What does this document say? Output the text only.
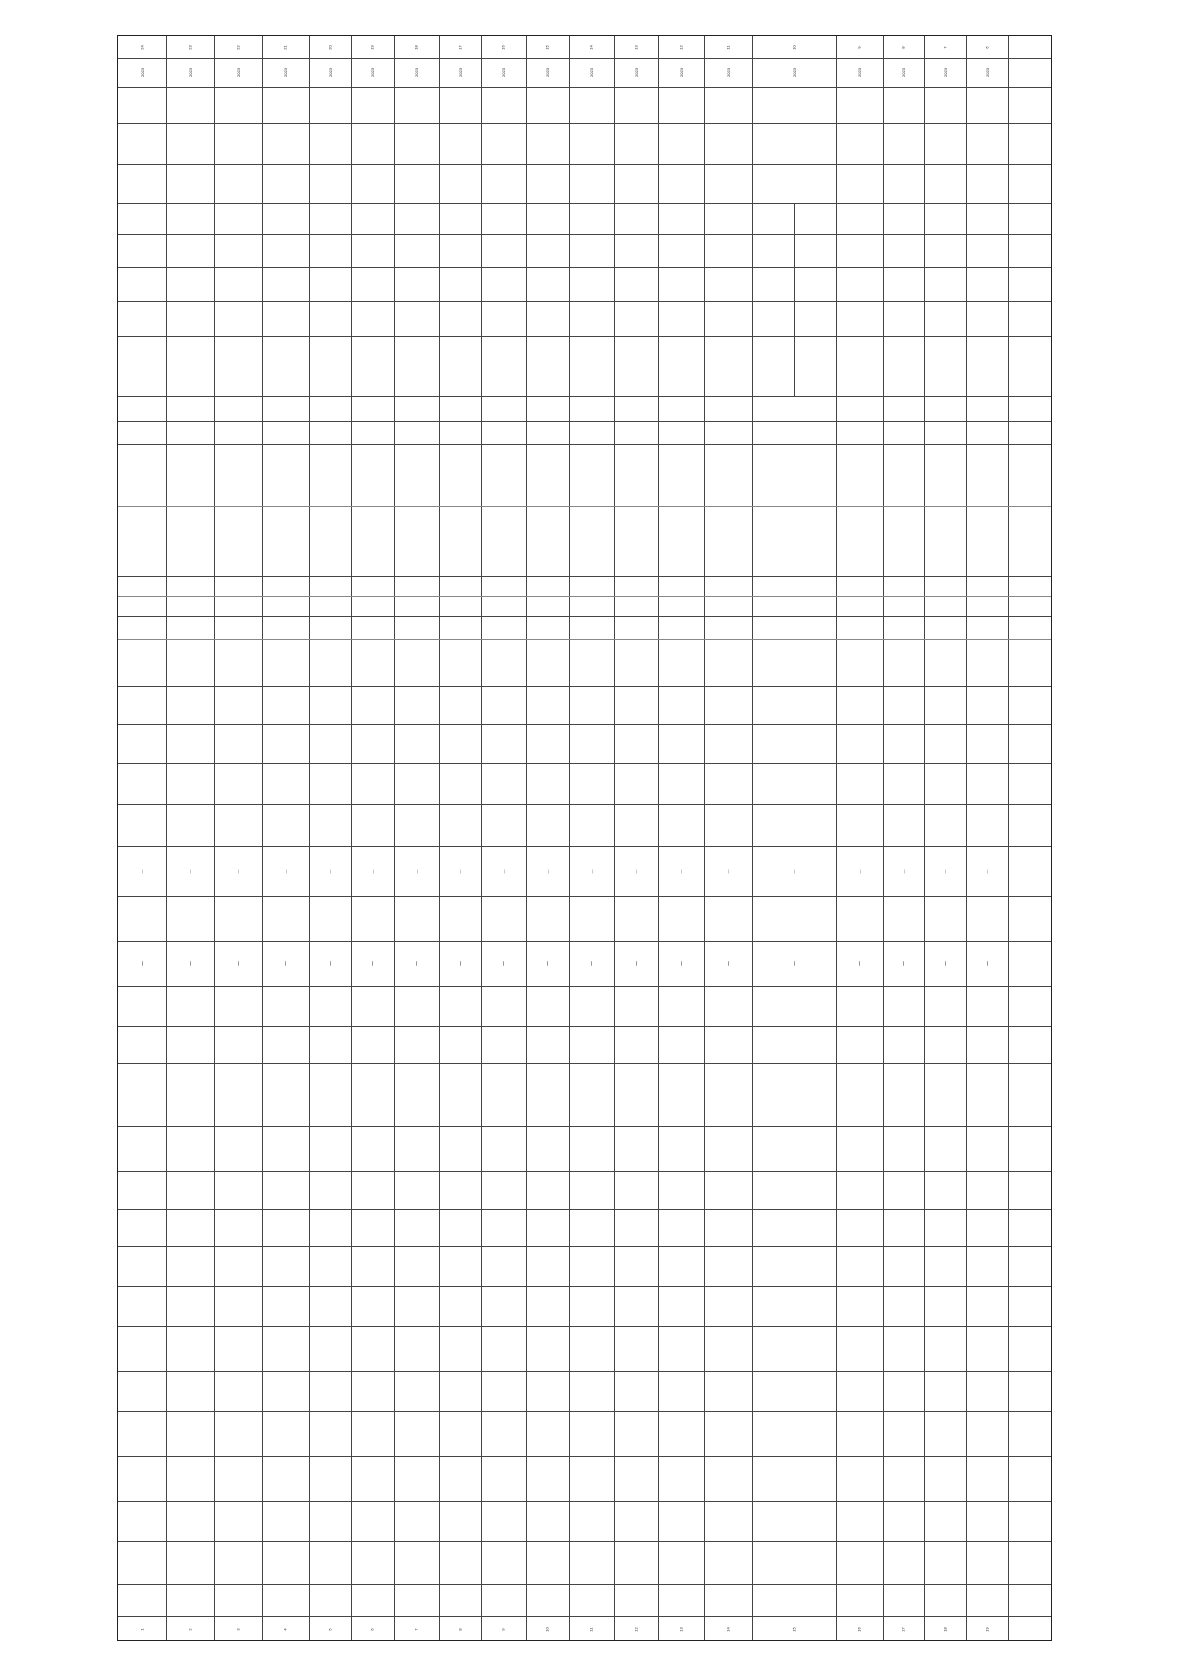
24	23	22	21	20	19	18	17	16	15	14	13	12	11	10	9	8	7	6
2023	2023	2023	2023	2023	2023	2023	2023	2023	2023	2023	2023	2023	2023	2023	2023	2023	2023	2023
—	—	—	—	—	—	—	—	—	—	—	—	—	—	—	—	—	—	—
—	—	—	—	—	—	—	—	—	—	—	—	—	—	—	—	—	—	—
1	2	3	4	5	6	7	8	9	10	11	12	13	14	15	16	17	18	19
